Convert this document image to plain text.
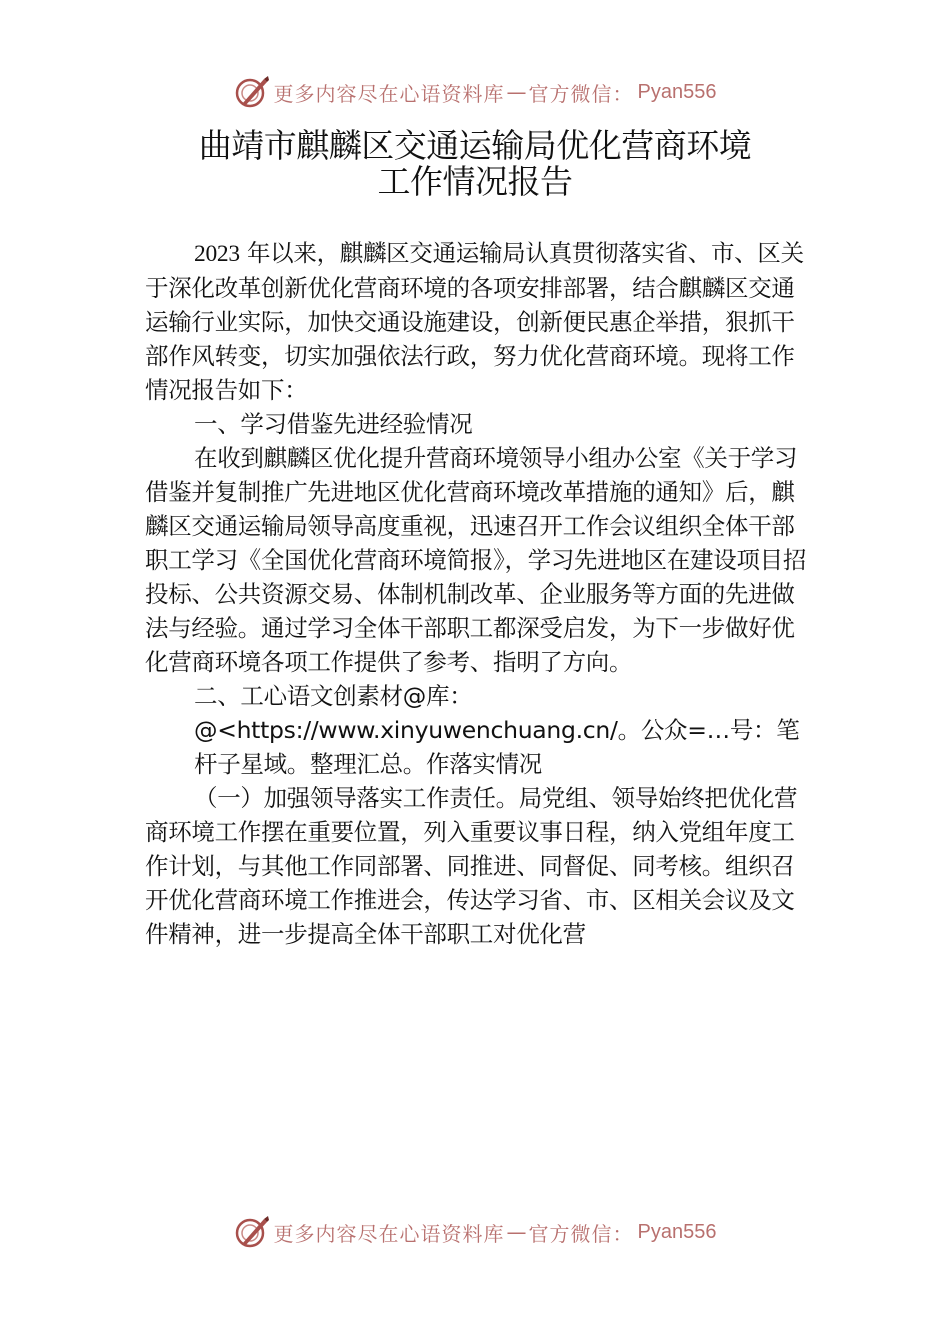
更多内容尽在心语资料库 — 官方微信： Pyan556
曲靖市麒麟区交通运输局优化营商环境
工作情况报告

2023 年以来，麒麟区交通运输局认真贯彻落实省、市、区关于深化改革创新优化营商环境的各项安排部署，结合麒麟区交通运输行业实际，加快交通设施建设，创新便民惠企举措，狠抓干部作风转变，切实加强依法行政，努力优化营商环境。现将工作情况报告如下：

一、学习借鉴先进经验情况

在收到麒麟区优化提升营商环境领导小组办公室《关于学习借鉴并复制推广先进地区优化营商环境改革措施的通知》后，麒麟区交通运输局领导高度重视，迅速召开工作会议组织全体干部职工学习《全国优化营商环境简报》，学习先进地区在建设项目招投标、公共资源交易、体制机制改革、企业服务等方面的先进做法与经验。通过学习全体干部职工都深受启发，为下一步做好优化营商环境各项工作提供了参考、指明了方向。

二、工心语文创素材@库：@<https://www.xinyuwenchuang.cn/。公众=…号：笔杆子星域。整理汇总。作落实情况

（一）加强领导落实工作责任。局党组、领导始终把优化营商环境工作摆在重要位置，列入重要议事日程，纳入党组年度工作计划，与其他工作同部署、同推进、同督促、同考核。组织召开优化营商环境工作推进会，传达学习省、市、区相关会议及文件精神，进一步提高全体干部职工对优化营

更多内容尽在心语资料库 — 官方微信： Pyan556
